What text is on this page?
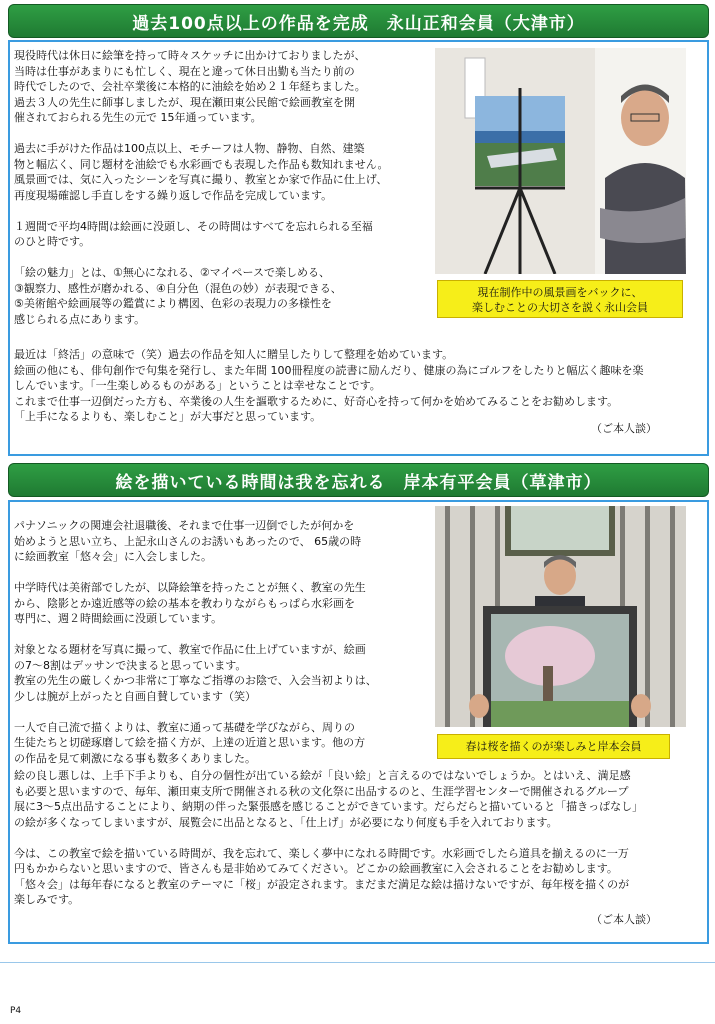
過去100点以上の作品を完成　永山正和会員（大津市）

現役時代は休日に絵筆を持って時々スケッチに出かけておりましたが、
当時は仕事があまりにも忙しく、現在と違って休日出勤も当たり前の
時代でしたので、会社卒業後に本格的に油絵を始め２１年経ちました。
過去３人の先生に師事しましたが、現在瀬田東公民館で絵画教室を開
催されておられる先生の元で 15年通っています。

過去に手がけた作品は100点以上、モチーフは人物、静物、自然、建築
物と幅広く、同じ題材を油絵でも水彩画でも表現した作品も数知れません。
風景画では、気に入ったシーンを写真に撮り、教室とか家で作品に仕上げ、
再度現場確認し手直しをする繰り返しで作品を完成しています。

１週間で平均4時間は絵画に没頭し、その時間はすべてを忘れられる至福
のひと時です。

「絵の魅力」とは、①無心になれる、②マイペースで楽しめる、
③観察力、感性が磨かれる、④自分色（混色の妙）が表現できる、
⑤美術館や絵画展等の鑑賞により構図、色彩の表現力の多様性を
感じられる点にあります。

現在制作中の風景画をバックに、
楽しむことの大切さを説く永山会員

最近は「終活」の意味で（笑）過去の作品を知人に贈呈したりして整理を始めています。
絵画の他にも、俳句創作で句集を発行し、また年間 100冊程度の読書に励んだり、健康の為にゴルフをしたりと幅広く趣味を楽
しんでいます。「一生楽しめるものがある」ということは幸せなことです。
これまで仕事一辺倒だった方も、卒業後の人生を謳歌するために、好奇心を持って何かを始めてみることをお勧めします。
「上手になるよりも、楽しむこと」が大事だと思っています。

（ご本人談）
絵を描いている時間は我を忘れる　岸本有平会員（草津市）

パナソニックの関連会社退職後、それまで仕事一辺倒でしたが何かを
始めようと思い立ち、上記永山さんのお誘いもあったので、 65歳の時
に絵画教室「悠々会」に入会しました。

中学時代は美術部でしたが、以降絵筆を持ったことが無く、教室の先生
から、陰影とか遠近感等の絵の基本を教わりながらもっぱら水彩画を
専門に、週２時間絵画に没頭しています。

対象となる題材を写真に撮って、教室で作品に仕上げていますが、絵画
の7～8割はデッサンで決まると思っています。
教室の先生の厳しくかつ非常に丁寧なご指導のお陰で、入会当初よりは、
少しは腕が上がったと自画自賛しています（笑）

一人で自己流で描くよりは、教室に通って基礎を学びながら、周りの
生徒たちと切磋琢磨して絵を描く方が、上達の近道と思います。他の方
の作品を見て刺激になる事も数多くありました。

春は桜を描くのが楽しみと岸本会員

絵の良し悪しは、上手下手よりも、自分の個性が出ている絵が「良い絵」と言えるのではないでしょうか。とはいえ、満足感
も必要と思いますので、毎年、瀬田東支所で開催される秋の文化祭に出品するのと、生涯学習センターで開催されるグループ
展に3～5点出品することにより、納期の伴った緊張感を感じることができています。だらだらと描いていると「描きっぱなし」
の絵が多くなってしまいますが、展覧会に出品となると、「仕上げ」が必要になり何度も手を入れております。

今は、この教室で絵を描いている時間が、我を忘れて、楽しく夢中になれる時間です。水彩画でしたら道具を揃えるのに一万
円もかからないと思いますので、皆さんも是非始めてみてください。どこかの絵画教室に入会されることをお勧めします。
「悠々会」は毎年春になると教室のテーマに「桜」が設定されます。まだまだ満足な絵は描けないですが、毎年桜を描くのが
楽しみです。

（ご本人談）
P4
